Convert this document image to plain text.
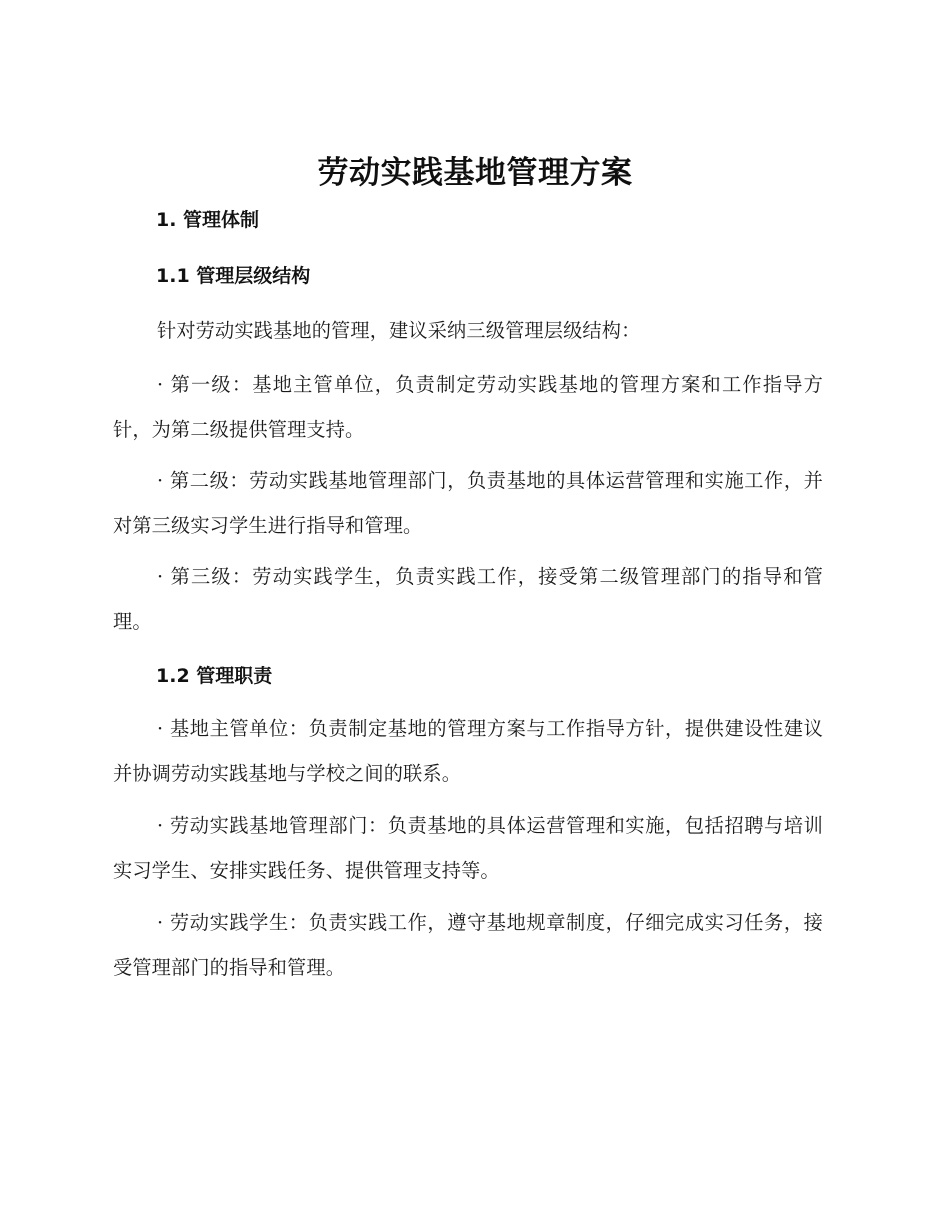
劳动实践基地管理方案
1. 管理体制
1.1 管理层级结构
针对劳动实践基地的管理，建议采纳三级管理层级结构：
· 第一级：基地主管单位，负责制定劳动实践基地的管理方案和工作指导方针，为第二级提供管理支持。
· 第二级：劳动实践基地管理部门，负责基地的具体运营管理和实施工作，并对第三级实习学生进行指导和管理。
· 第三级：劳动实践学生，负责实践工作，接受第二级管理部门的指导和管理。
1.2 管理职责
· 基地主管单位：负责制定基地的管理方案与工作指导方针，提供建设性建议并协调劳动实践基地与学校之间的联系。
· 劳动实践基地管理部门：负责基地的具体运营管理和实施，包括招聘与培训实习学生、安排实践任务、提供管理支持等。
· 劳动实践学生：负责实践工作，遵守基地规章制度，仔细完成实习任务，接受管理部门的指导和管理。
